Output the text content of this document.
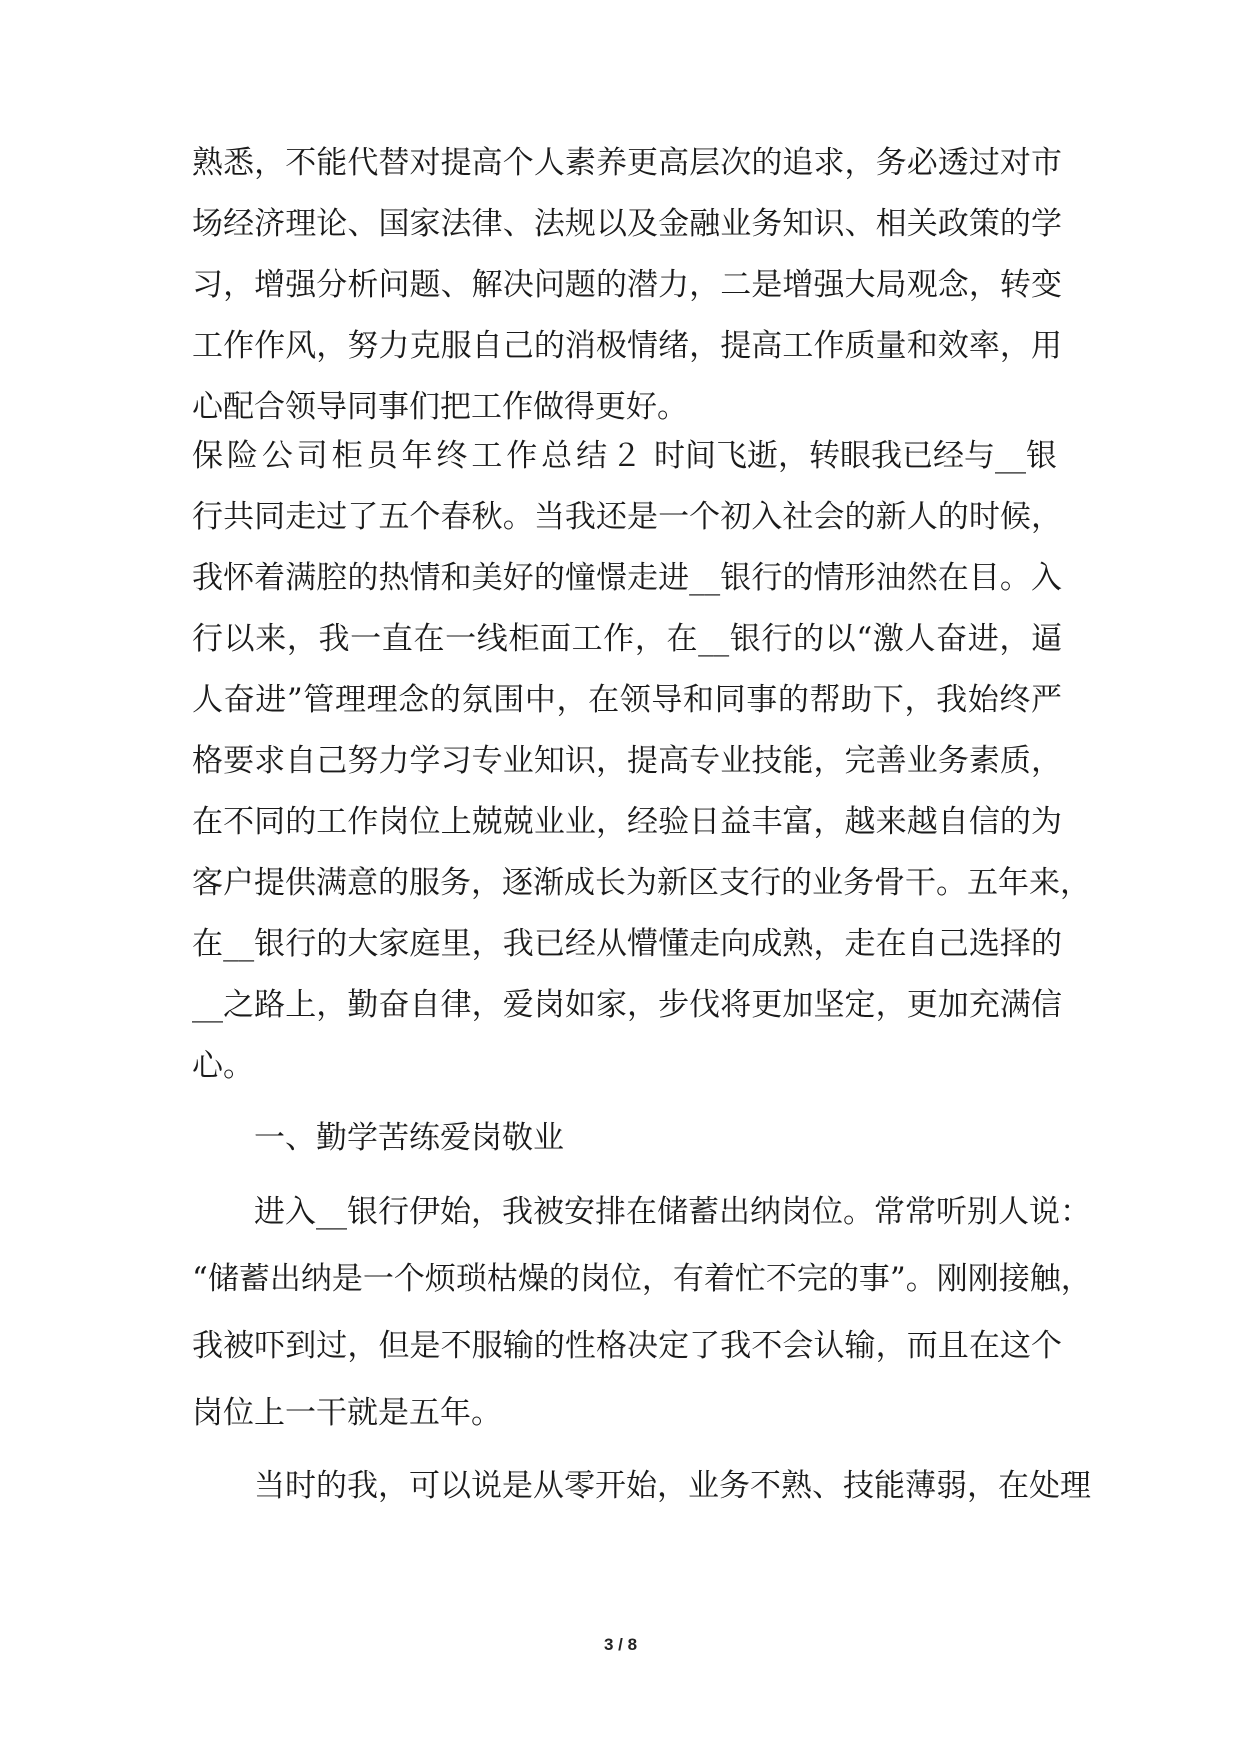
熟悉，不能代替对提高个人素养更高层次的追求，务必透过对市
场经济理论、国家法律、法规以及金融业务知识、相关政策的学
习，增强分析问题、解决问题的潜力，二是增强大局观念，转变
工作作风，努力克服自己的消极情绪，提高工作质量和效率，用
心配合领导同事们把工作做得更好。
保险公司柜员年终工作总结２ 时间飞逝，转眼我已经与__银
行共同走过了五个春秋。当我还是一个初入社会的新人的时候，
我怀着满腔的热情和美好的憧憬走进__银行的情形油然在目。入
行以来，我一直在一线柜面工作，在__银行的以“激人奋进，逼
人奋进”管理理念的氛围中，在领导和同事的帮助下，我始终严
格要求自己努力学习专业知识，提高专业技能，完善业务素质，
在不同的工作岗位上兢兢业业，经验日益丰富，越来越自信的为
客户提供满意的服务，逐渐成长为新区支行的业务骨干。五年来，
在__银行的大家庭里，我已经从懵懂走向成熟，走在自己选择的
__之路上，勤奋自律，爱岗如家，步伐将更加坚定，更加充满信
心。
一、勤学苦练爱岗敬业
进入__银行伊始，我被安排在储蓄出纳岗位。常常听别人说：
“储蓄出纳是一个烦琐枯燥的岗位，有着忙不完的事”。刚刚接触，
我被吓到过，但是不服输的性格决定了我不会认输，而且在这个
岗位上一干就是五年。
当时的我，可以说是从零开始，业务不熟、技能薄弱，在处理
3 / 8
